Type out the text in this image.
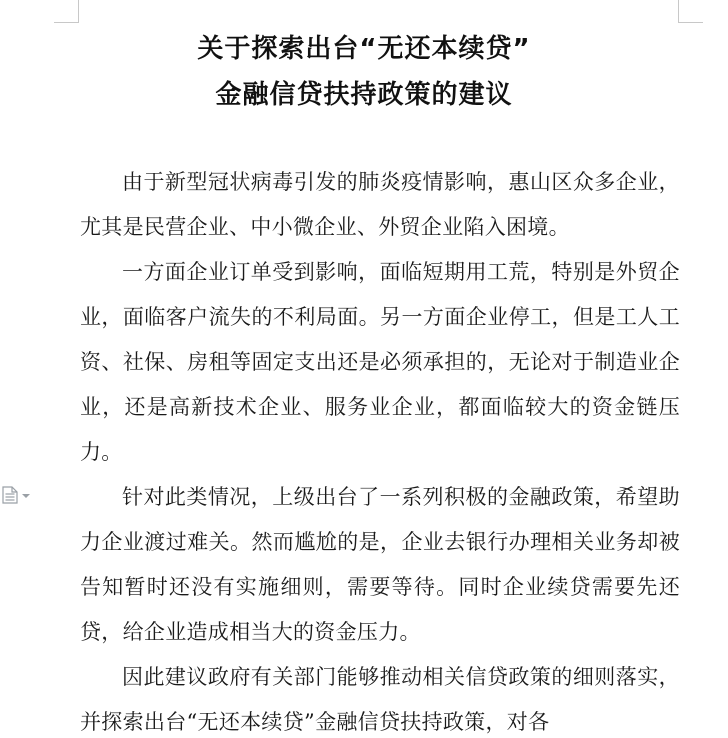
关于探索出台“无还本续贷”
金融信贷扶持政策的建议

由于新型冠状病毒引发的肺炎疫情影响，惠山区众多企业，尤其是民营企业、中小微企业、外贸企业陷入困境。

一方面企业订单受到影响，面临短期用工荒，特别是外贸企业，面临客户流失的不利局面。另一方面企业停工，但是工人工资、社保、房租等固定支出还是必须承担的，无论对于制造业企业，还是高新技术企业、服务业企业，都面临较大的资金链压力。

针对此类情况，上级出台了一系列积极的金融政策，希望助力企业渡过难关。然而尴尬的是，企业去银行办理相关业务却被告知暂时还没有实施细则，需要等待。同时企业续贷需要先还贷，给企业造成相当大的资金压力。

因此建议政府有关部门能够推动相关信贷政策的细则落实，并探索出台“无还本续贷”金融信贷扶持政策，对各
